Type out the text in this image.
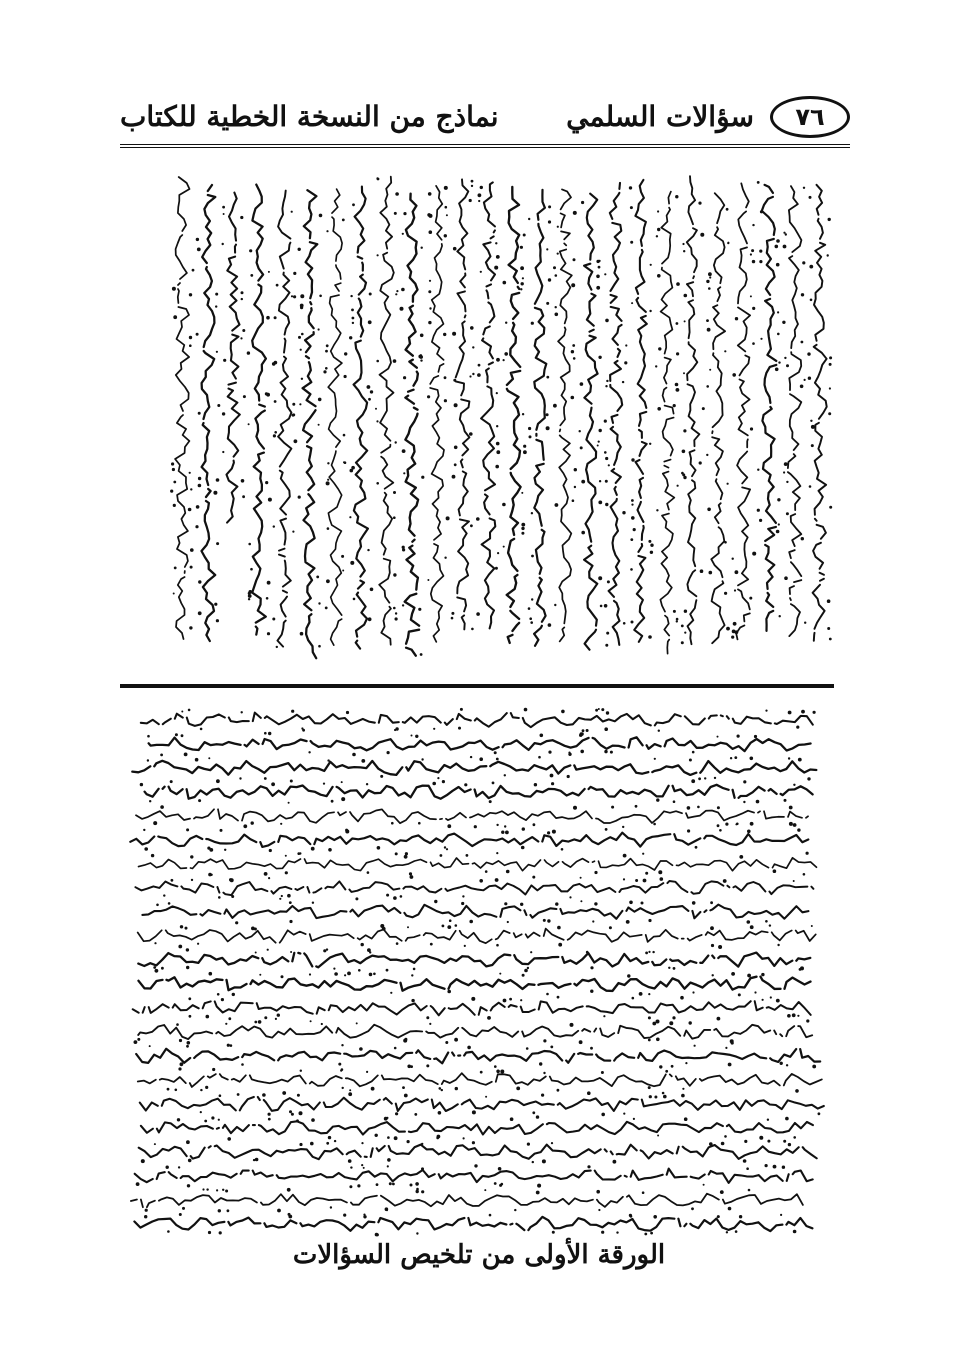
٧٦
سؤالات السلمي
نماذج من النسخة الخطية للكتاب
الورقة الأولى من تلخيص السؤالات
